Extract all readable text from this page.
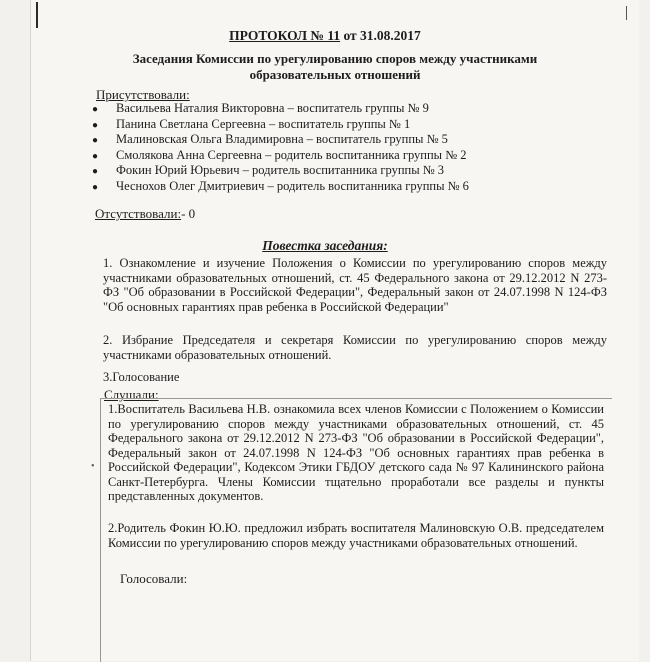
ПРОТОКОЛ № 11 от 31.08.2017
Заседания Комиссии по урегулированию споров между участниками образовательных отношений
Присутствовали:
● Васильева Наталия Викторовна – воспитатель группы № 9
● Панина Светлана Сергеевна – воспитатель группы № 1
● Малиновская Ольга Владимировна – воспитатель группы № 5
● Смолякова Анна Сергеевна – родитель воспитанника группы № 2
● Фокин Юрий Юрьевич – родитель воспитанника группы № 3
● Чеснохов Олег Дмитриевич – родитель воспитанника группы № 6
Отсутствовали:- 0
Повестка заседания:
1. Ознакомление и изучение Положения о Комиссии по урегулированию споров между участниками образовательных отношений, ст. 45 Федерального закона от 29.12.2012 N 273-ФЗ "Об образовании в Российской Федерации", Федеральный закон от 24.07.1998 N 124-ФЗ "Об основных гарантиях прав ребенка в Российской Федерации"
2. Избрание Председателя и секретаря Комиссии по урегулированию споров между участниками образовательных отношений.
3.Голосование
Слушали:
•
1.Воспитатель Васильева Н.В. ознакомила всех членов Комиссии с Положением о Комиссии по урегулированию споров между участниками образовательных отношений, ст. 45 Федерального закона от 29.12.2012 N 273-ФЗ "Об образовании в Российской Федерации", Федеральный закон от 24.07.1998 N 124-ФЗ "Об основных гарантиях прав ребенка в Российской Федерации", Кодексом Этики ГБДОУ детского сада № 97 Калининского района Санкт-Петербурга. Члены Комиссии тщательно проработали все разделы и пункты представленных документов.
2.Родитель Фокин Ю.Ю. предложил избрать воспитателя Малиновскую О.В. председателем Комиссии по урегулированию споров между участниками образовательных отношений.
Голосовали:
